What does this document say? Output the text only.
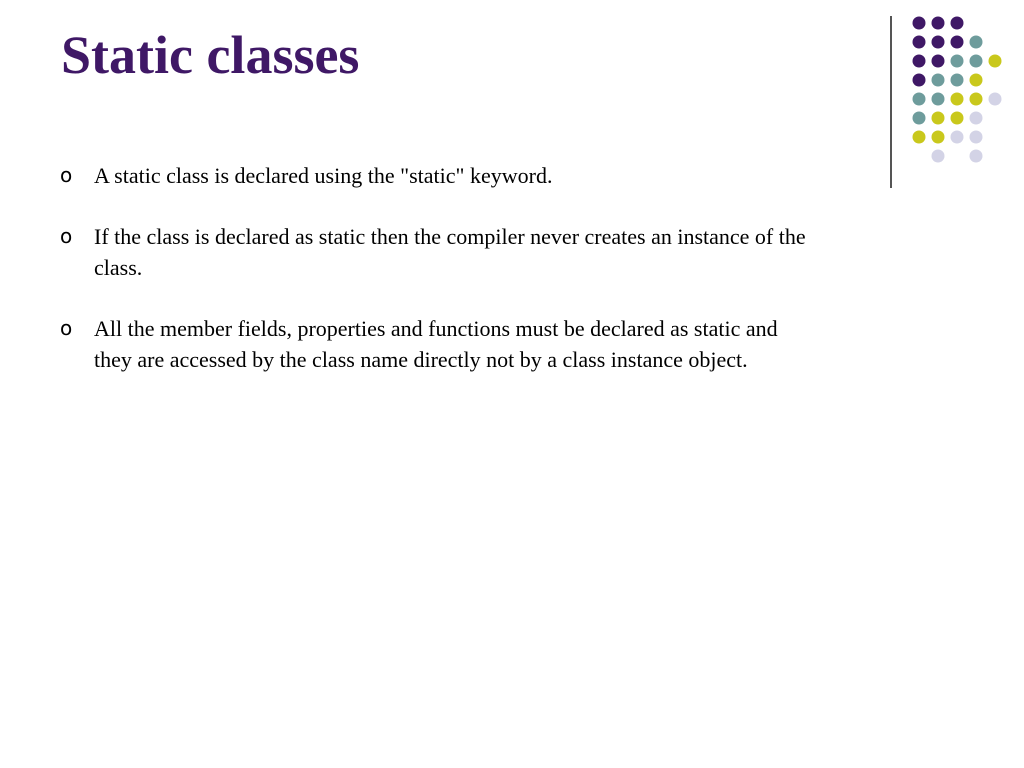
Static classes
o A static class is declared using the "static" keyword.
o If the class is declared as static then the compiler never creates an instance of the class.
o All the member fields, properties and functions must be declared as static and they are accessed by the class name directly not by a class instance object.
